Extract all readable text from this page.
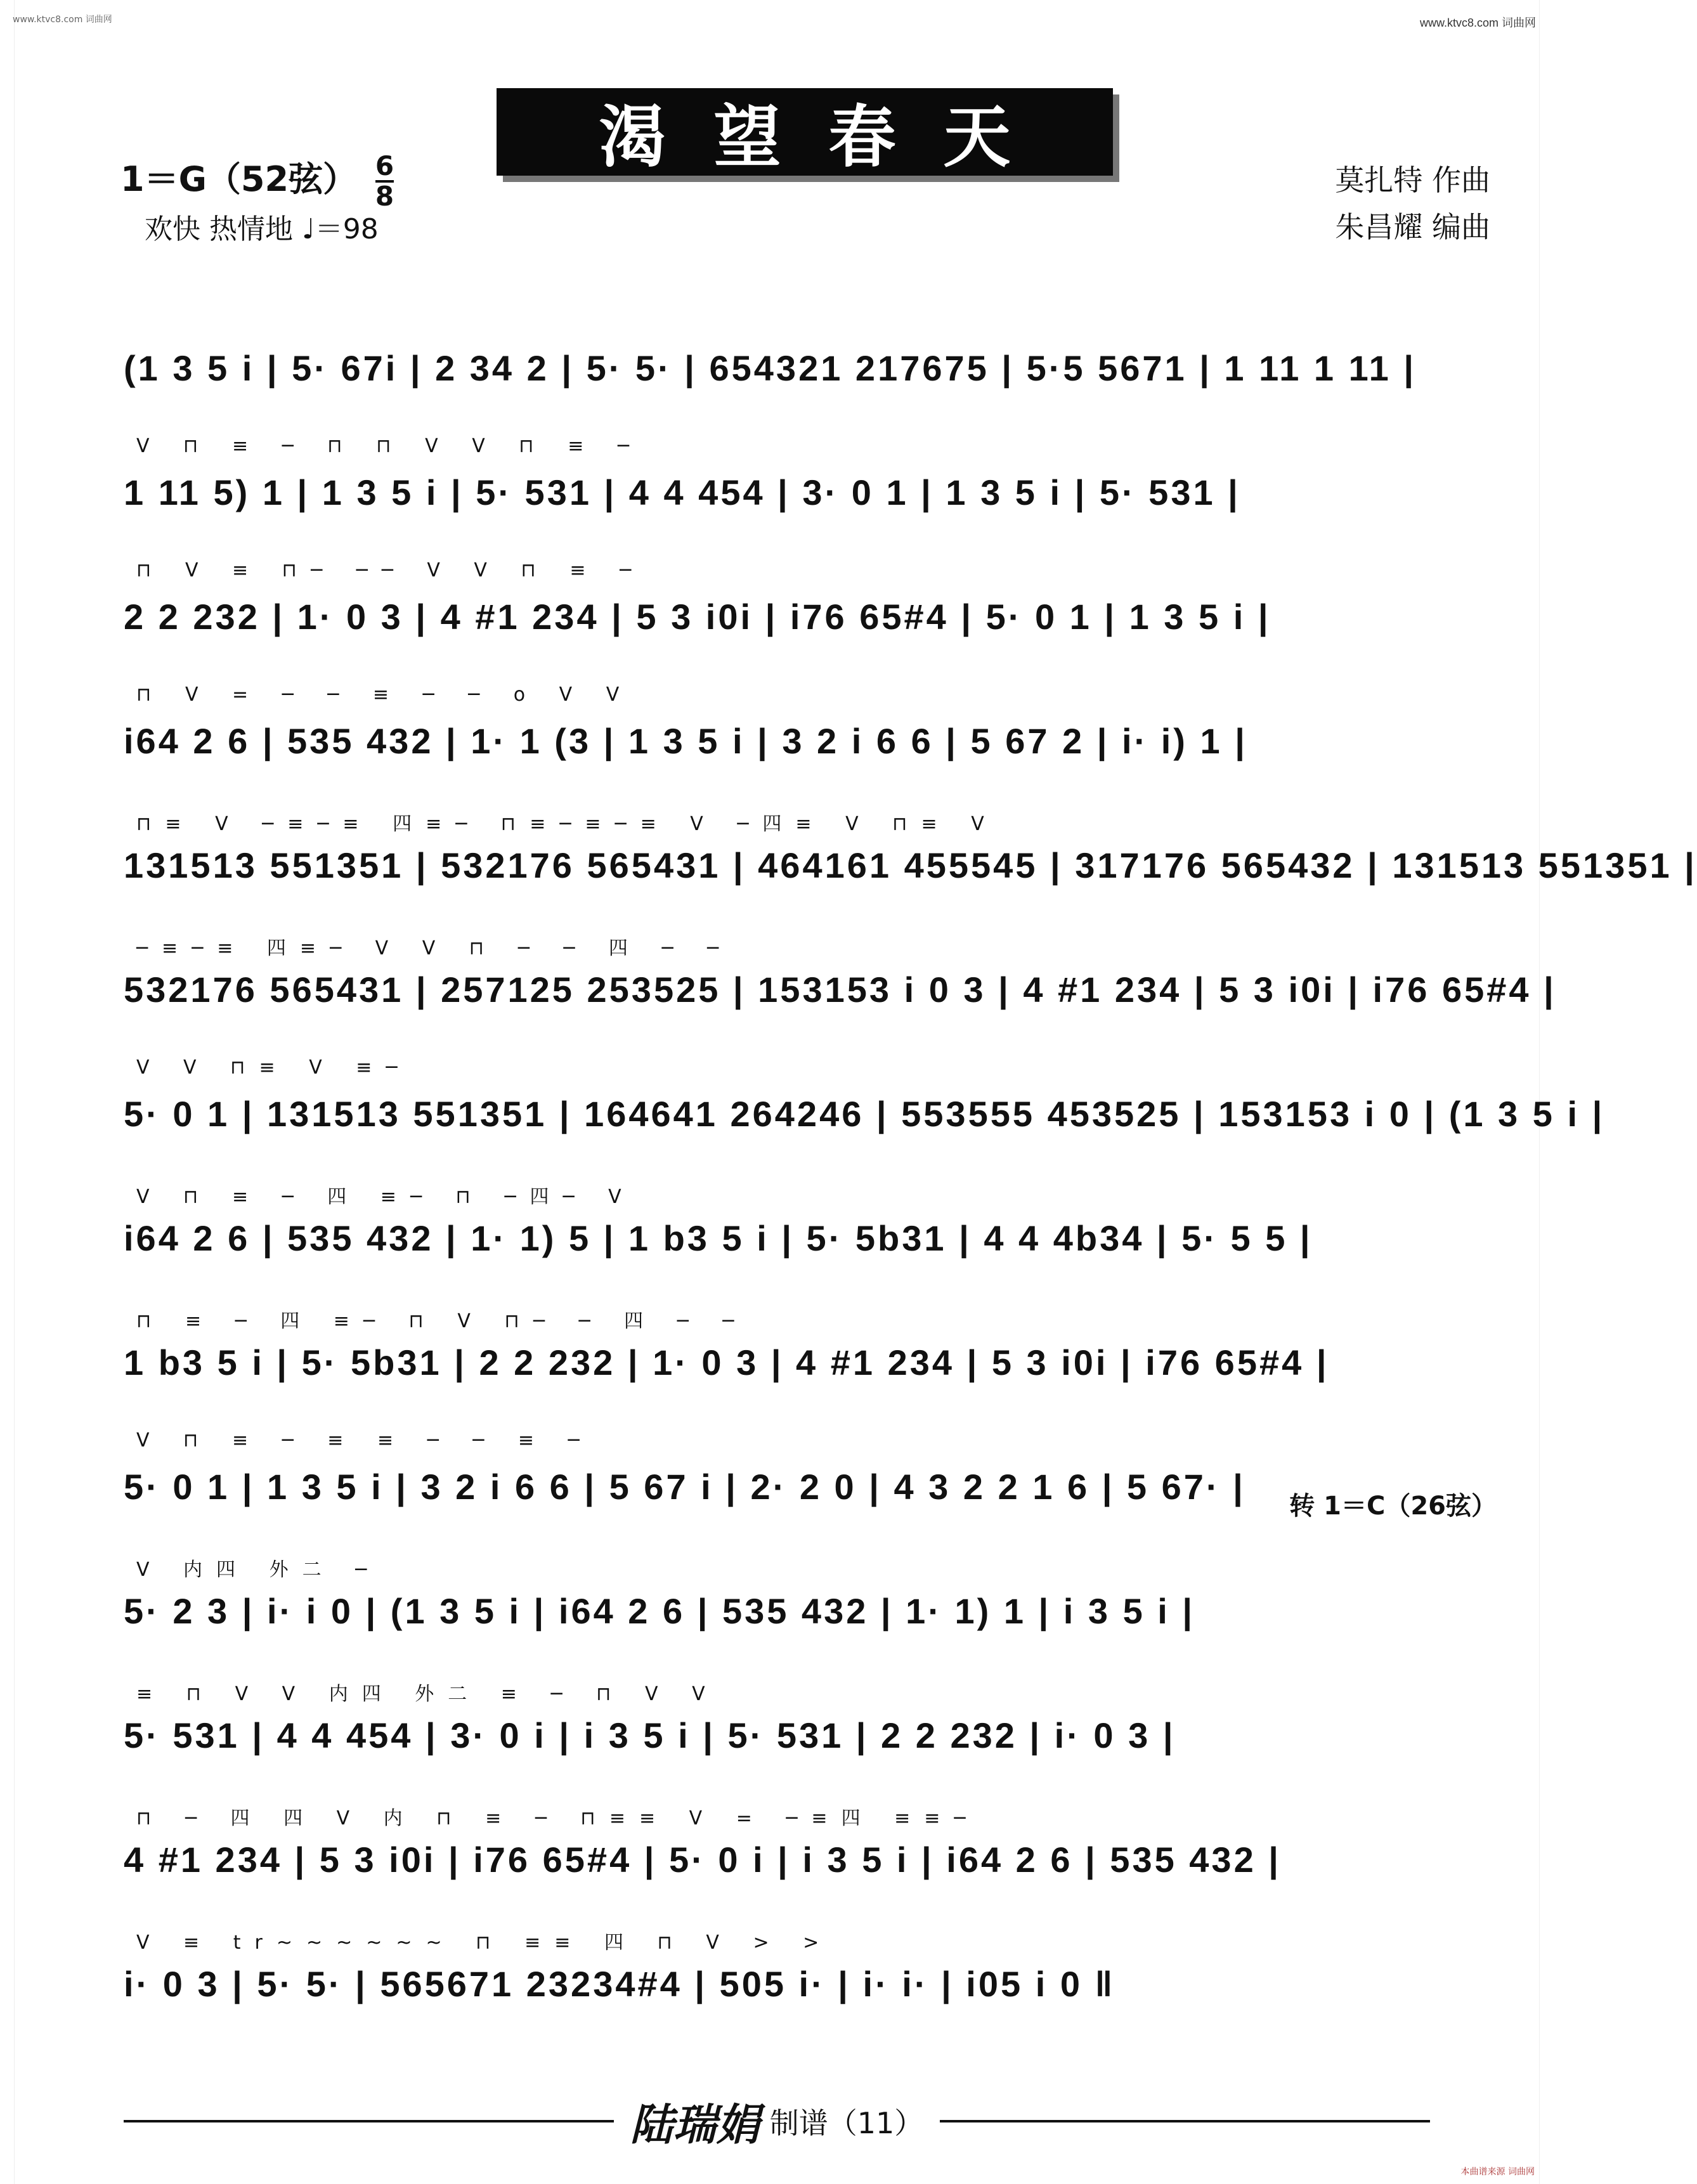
www.ktvc8.com 词曲网	www.ktvc8.com 词曲网
渴望春天
1＝G（52弦） $\frac{6}{8}$
欢快 热情地 ♩＝98
莫扎特 作曲
朱昌耀 编曲
(1 3 5 i | 5· 67i | 2 34 2 | 5· 5· | 654321 217675 | 5·5 5671 | 1 11 1 11 |
V ⊓ ≡ ─ ⊓ ⊓ V V ⊓ ≡ ─
1 11 5) 1 | 1 3 5 i | 5· 531 | 4 4 454 | 3· 0 1 | 1 3 5 i | 5· 531 |
⊓ V ≡ ⊓─ ── V V ⊓ ≡ ─
2 2 232 | 1· 0 3 | 4 #1 234 | 5 3 i0i | i76 65#4 | 5· 0 1 | 1 3 5 i |
⊓ V = ─ ─ ≡ ─ ─ o V V
i64 2 6 | 535 432 | 1· 1 (3 | 1 3 5 i | 3 2 i 6 6 | 5 67 2 | i· i) 1 |
⊓≡ V ─≡─≡ 四≡─ ⊓≡─≡─≡ V ─四≡ V ⊓≡ V
131513 551351 | 532176 565431 | 464161 455545 | 317176 565432 | 131513 551351 |
─≡─≡ 四≡─ V V ⊓ ─ ─ 四 ─ ─
532176 565431 | 257125 253525 | 153153 i 0 3 | 4 #1 234 | 5 3 i0i | i76 65#4 |
V V ⊓≡ V ≡─
5· 0 1 | 131513 551351 | 164641 264246 | 553555 453525 | 153153 i 0 | (1 3 5 i |
V ⊓ ≡ ─ 四 ≡─ ⊓ ─四─ V
i64 2 6 | 535 432 | 1· 1) 5 | 1 b3 5 i | 5· 5b31 | 4 4 4b34 | 5· 5 5 |
⊓ ≡ ─ 四 ≡─ ⊓ V ⊓─ ─ 四 ─ ─
1 b3 5 i | 5· 5b31 | 2 2 232 | 1· 0 3 | 4 #1 234 | 5 3 i0i | i76 65#4 |
V ⊓ ≡ ─ ≡ ≡ ─ ─ ≡ ─
5· 0 1 | 1 3 5 i | 3 2 i 6 6 | 5 67 i | 2· 2 0 | 4 3 2 2 1 6 | 5 67· |
V 内四 外二 ─
5· 2 3 | i· i 0 | (1 3 5 i | i64 2 6 | 535 432 | 1· 1) 1 | i 3 5 i |
≡ ⊓ V V 内四 外二 ≡ ─ ⊓ V V
5· 531 | 4 4 454 | 3· 0 i | i 3 5 i | 5· 531 | 2 2 232 | i· 0 3 |
⊓ ─ 四 四 V 内 ⊓ ≡ ─ ⊓≡≡ V = ─≡四 ≡≡─
4 #1 234 | 5 3 i0i | i76 65#4 | 5· 0 i | i 3 5 i | i64 2 6 | 535 432 |
V ≡ tr~~~~~~ ⊓ ≡≡ 四 ⊓ V > >
i· 0 3 | 5· 5· | 565671 23234#4 | 505 i· | i· i· | i05 i 0 ‖
转 1＝C（26弦）
陆瑞娟 制谱（11）
本曲谱来源 词曲网
